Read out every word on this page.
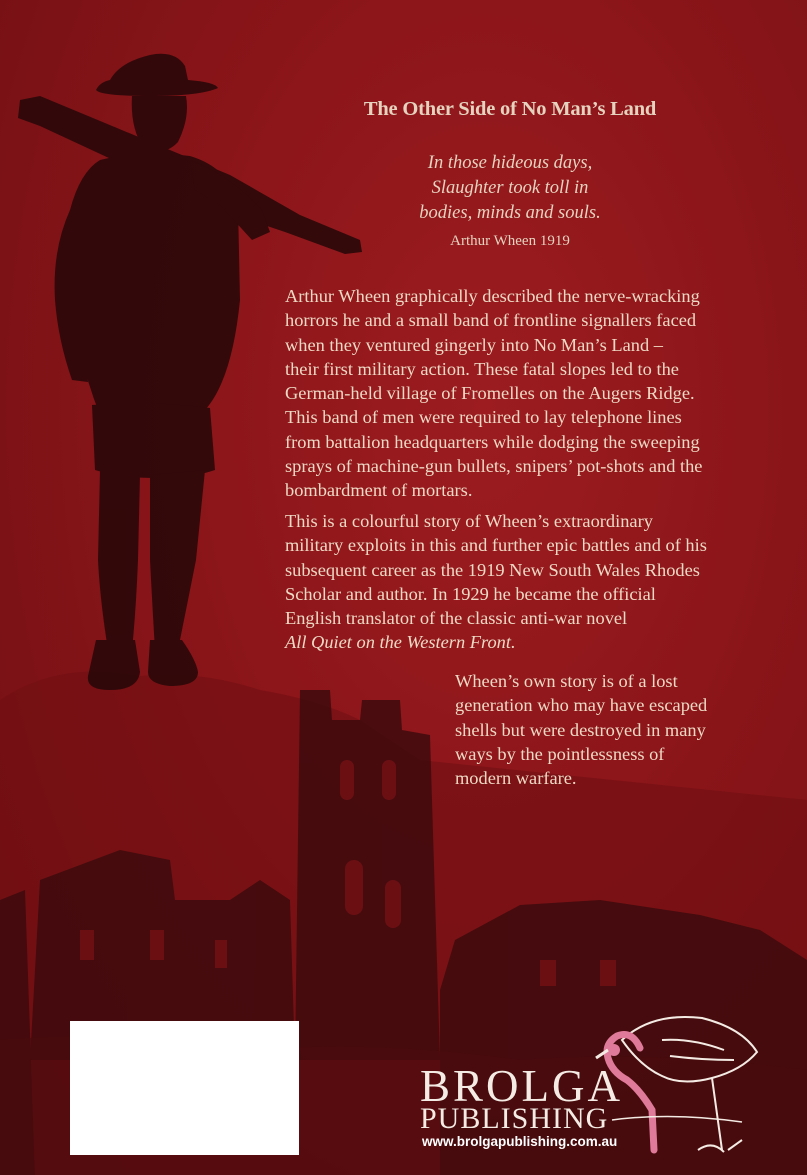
The Other Side of No Man’s Land
In those hideous days,
Slaughter took toll in
bodies, minds and souls.
Arthur Wheen 1919
Arthur Wheen graphically described the nerve-wracking
horrors he and a small band of frontline signallers faced
when they ventured gingerly into No Man’s Land –
their first military action. These fatal slopes led to the
German-held village of Fromelles on the Augers Ridge.
This band of men were required to lay telephone lines
from battalion headquarters while dodging the sweeping
sprays of machine-gun bullets, snipers’ pot-shots and the
bombardment of mortars.
This is a colourful story of Wheen’s extraordinary
military exploits in this and further epic battles and of his
subsequent career as the 1919 New South Wales Rhodes
Scholar and author. In 1929 he became the official
English translator of the classic anti-war novel
All Quiet on the Western Front.
Wheen’s own story is of a lost
generation who may have escaped
shells but were destroyed in many
ways by the pointlessness of
modern warfare.
BROLGA
PUBLISHING
www.brolgapublishing.com.au
